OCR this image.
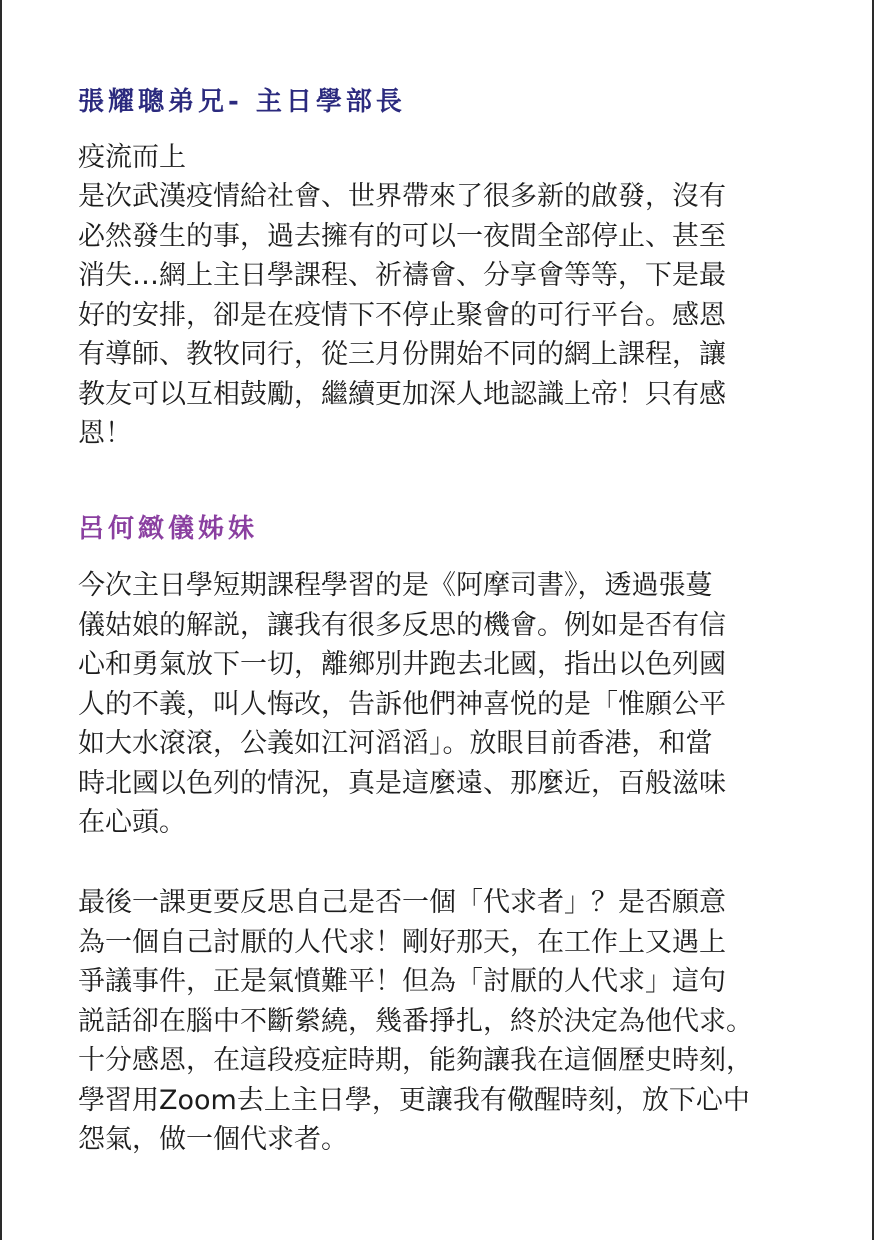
張耀聰弟兄- 主日學部長
疫流而上
是次武漢疫情給社會、世界帶來了很多新的啟發，沒有
必然發生的事，過去擁有的可以一夜間全部停止、甚至
消失…網上主日學課程、祈禱會、分享會等等，下是最
好的安排，卻是在疫情下不停止聚會的可行平台。感恩
有導師、教牧同行，從三月份開始不同的網上課程，讓
教友可以互相鼓勵，繼續更加深人地認識上帝！只有感
恩！
呂何緻儀姊妹
今次主日學短期課程學習的是《阿摩司書》，透過張蔓
儀姑娘的解説，讓我有很多反思的機會。例如是否有信
心和勇氣放下一切，離鄉別井跑去北國，指出以色列國
人的不義，叫人悔改，告訴他們神喜悦的是「惟願公平
如大水滾滾，公義如江河滔滔」。放眼目前香港，和當
時北國以色列的情況，真是這麼遠、那麼近，百般滋味
在心頭。
最後一課更要反思自己是否一個「代求者」？是否願意
為一個自己討厭的人代求！剛好那天，在工作上又遇上
爭議事件，正是氣憤難平！但為「討厭的人代求」這句
説話卻在腦中不斷縈繞，幾番掙扎，終於決定為他代求。
十分感恩，在這段疫症時期，能夠讓我在這個歷史時刻，
學習用Zoom去上主日學，更讓我有儆醒時刻，放下心中
怨氣，做一個代求者。
